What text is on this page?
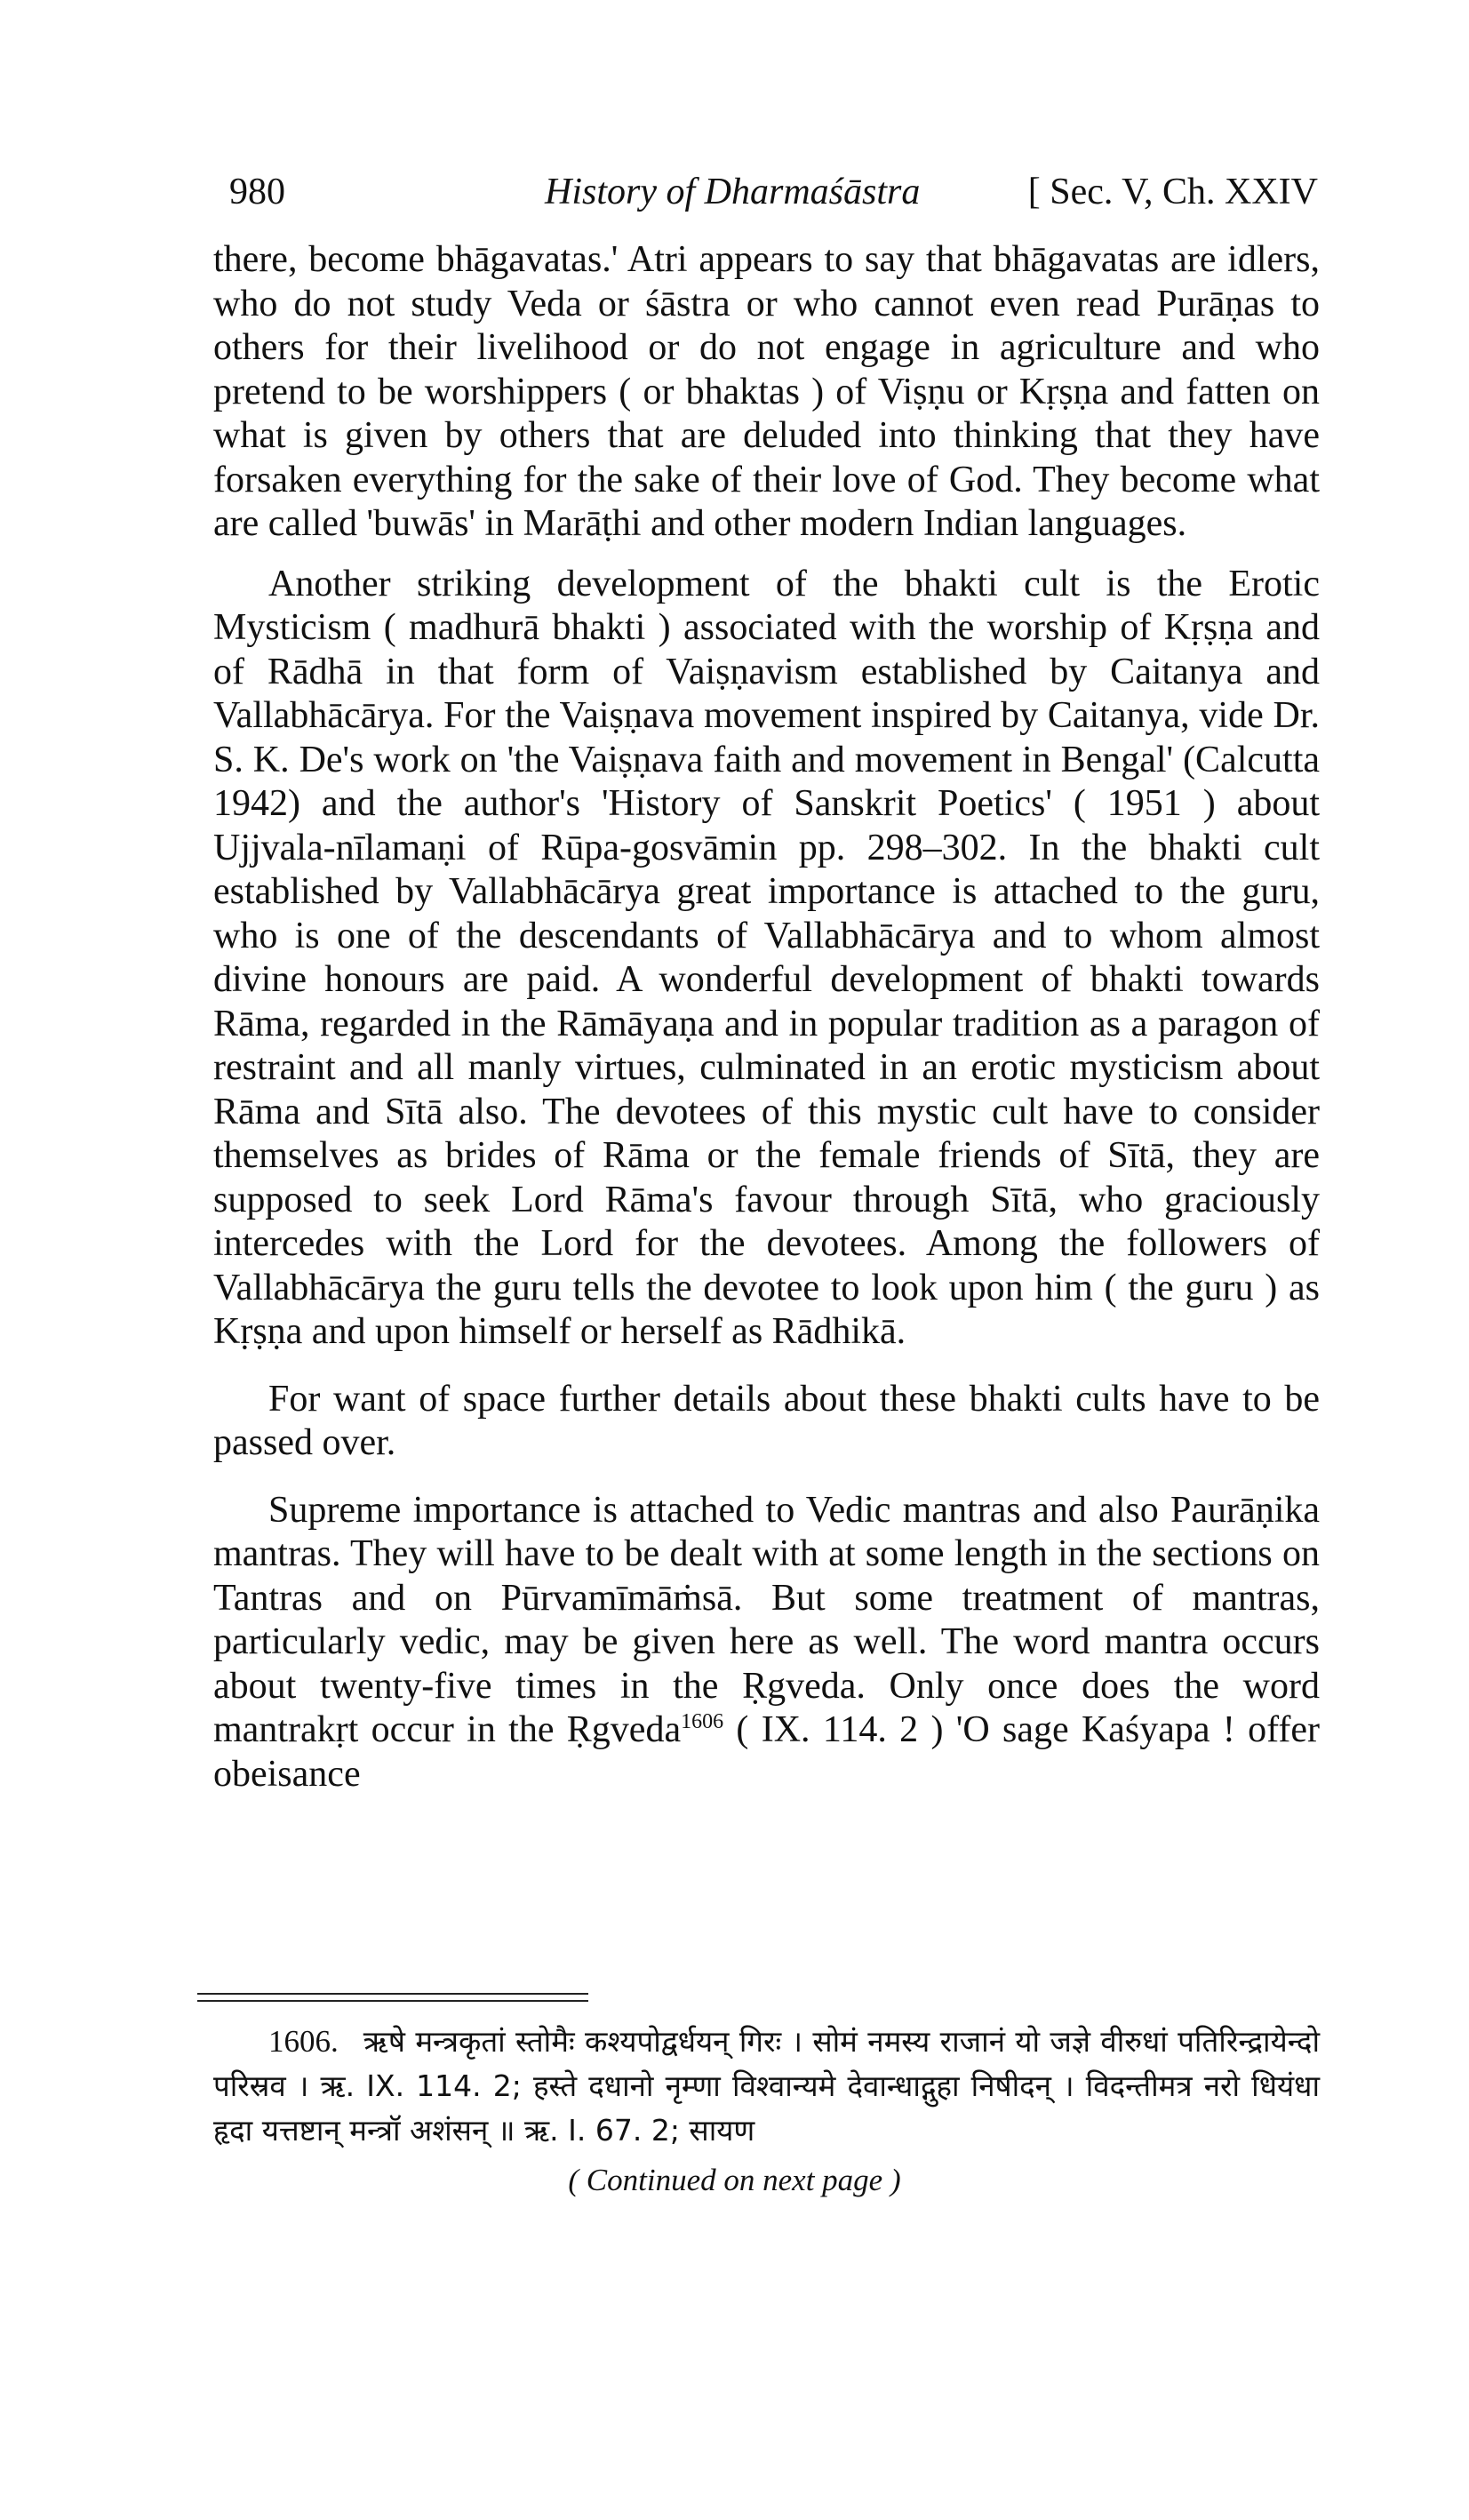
980	History of Dharmaśāstra	[ Sec. V, Ch. XXIV

there, become bhāgavatas.' Atri appears to say that bhāgavatas are idlers, who do not study Veda or śāstra or who cannot even read Purāṇas to others for their livelihood or do not engage in agriculture and who pretend to be worshippers ( or bhaktas ) of Viṣṇu or Kṛṣṇa and fatten on what is given by others that are deluded into thinking that they have forsaken everything for the sake of their love of God. They become what are called 'buwās' in Marāṭhi and other modern Indian languages.

Another striking development of the bhakti cult is the Erotic Mysticism ( madhurā bhakti ) associated with the worship of Kṛṣṇa and of Rādhā in that form of Vaiṣṇavism established by Caitanya and Vallabhācārya. For the Vaiṣṇava movement inspired by Caitanya, vide Dr. S. K. De's work on 'the Vaiṣṇava faith and movement in Bengal' (Calcutta 1942) and the author's 'History of Sanskrit Poetics' ( 1951 ) about Ujjvala-nīlamaṇi of Rūpa-gosvāmin pp. 298–302. In the bhakti cult established by Vallabhācārya great importance is attached to the guru, who is one of the descendants of Vallabhācārya and to whom almost divine honours are paid. A wonderful development of bhakti towards Rāma, regarded in the Rāmāyaṇa and in popular tradition as a paragon of restraint and all manly virtues, culminated in an erotic mysticism about Rāma and Sītā also. The devotees of this mystic cult have to consider themselves as brides of Rāma or the female friends of Sītā, they are supposed to seek Lord Rāma's favour through Sītā, who graciously intercedes with the Lord for the devotees. Among the followers of Vallabhācārya the guru tells the devotee to look upon him ( the guru ) as Kṛṣṇa and upon himself or herself as Rādhikā.

For want of space further details about these bhakti cults have to be passed over.

Supreme importance is attached to Vedic mantras and also Paurāṇika mantras. They will have to be dealt with at some length in the sections on Tantras and on Pūrvamīmāṁsā. But some treatment of mantras, particularly vedic, may be given here as well. The word mantra occurs about twenty-five times in the Ṛgveda. Only once does the word mantrakṛt occur in the Ṛgveda$^{1606}$ ( IX. 114. 2 ) 'O sage Kaśyapa ! offer obeisance

1606. ऋषे मन्त्रकृतां स्तोमैः कश्यपोद्वर्धयन् गिरः । सोमं नमस्य राजानं यो जज्ञे वीरुधां पतिरिन्द्रायेन्दो परिस्रव । ऋ. IX. 114. 2; हस्ते दधानो नृम्णा विश्वान्यमे देवान्धाद्गुहा निषीदन् । विदन्तीमत्र नरो धियंधा हृदा यत्तष्टान् मन्त्रॉ अशंसन् ॥ ऋ. I. 67. 2; सायण
( Continued on next page )
